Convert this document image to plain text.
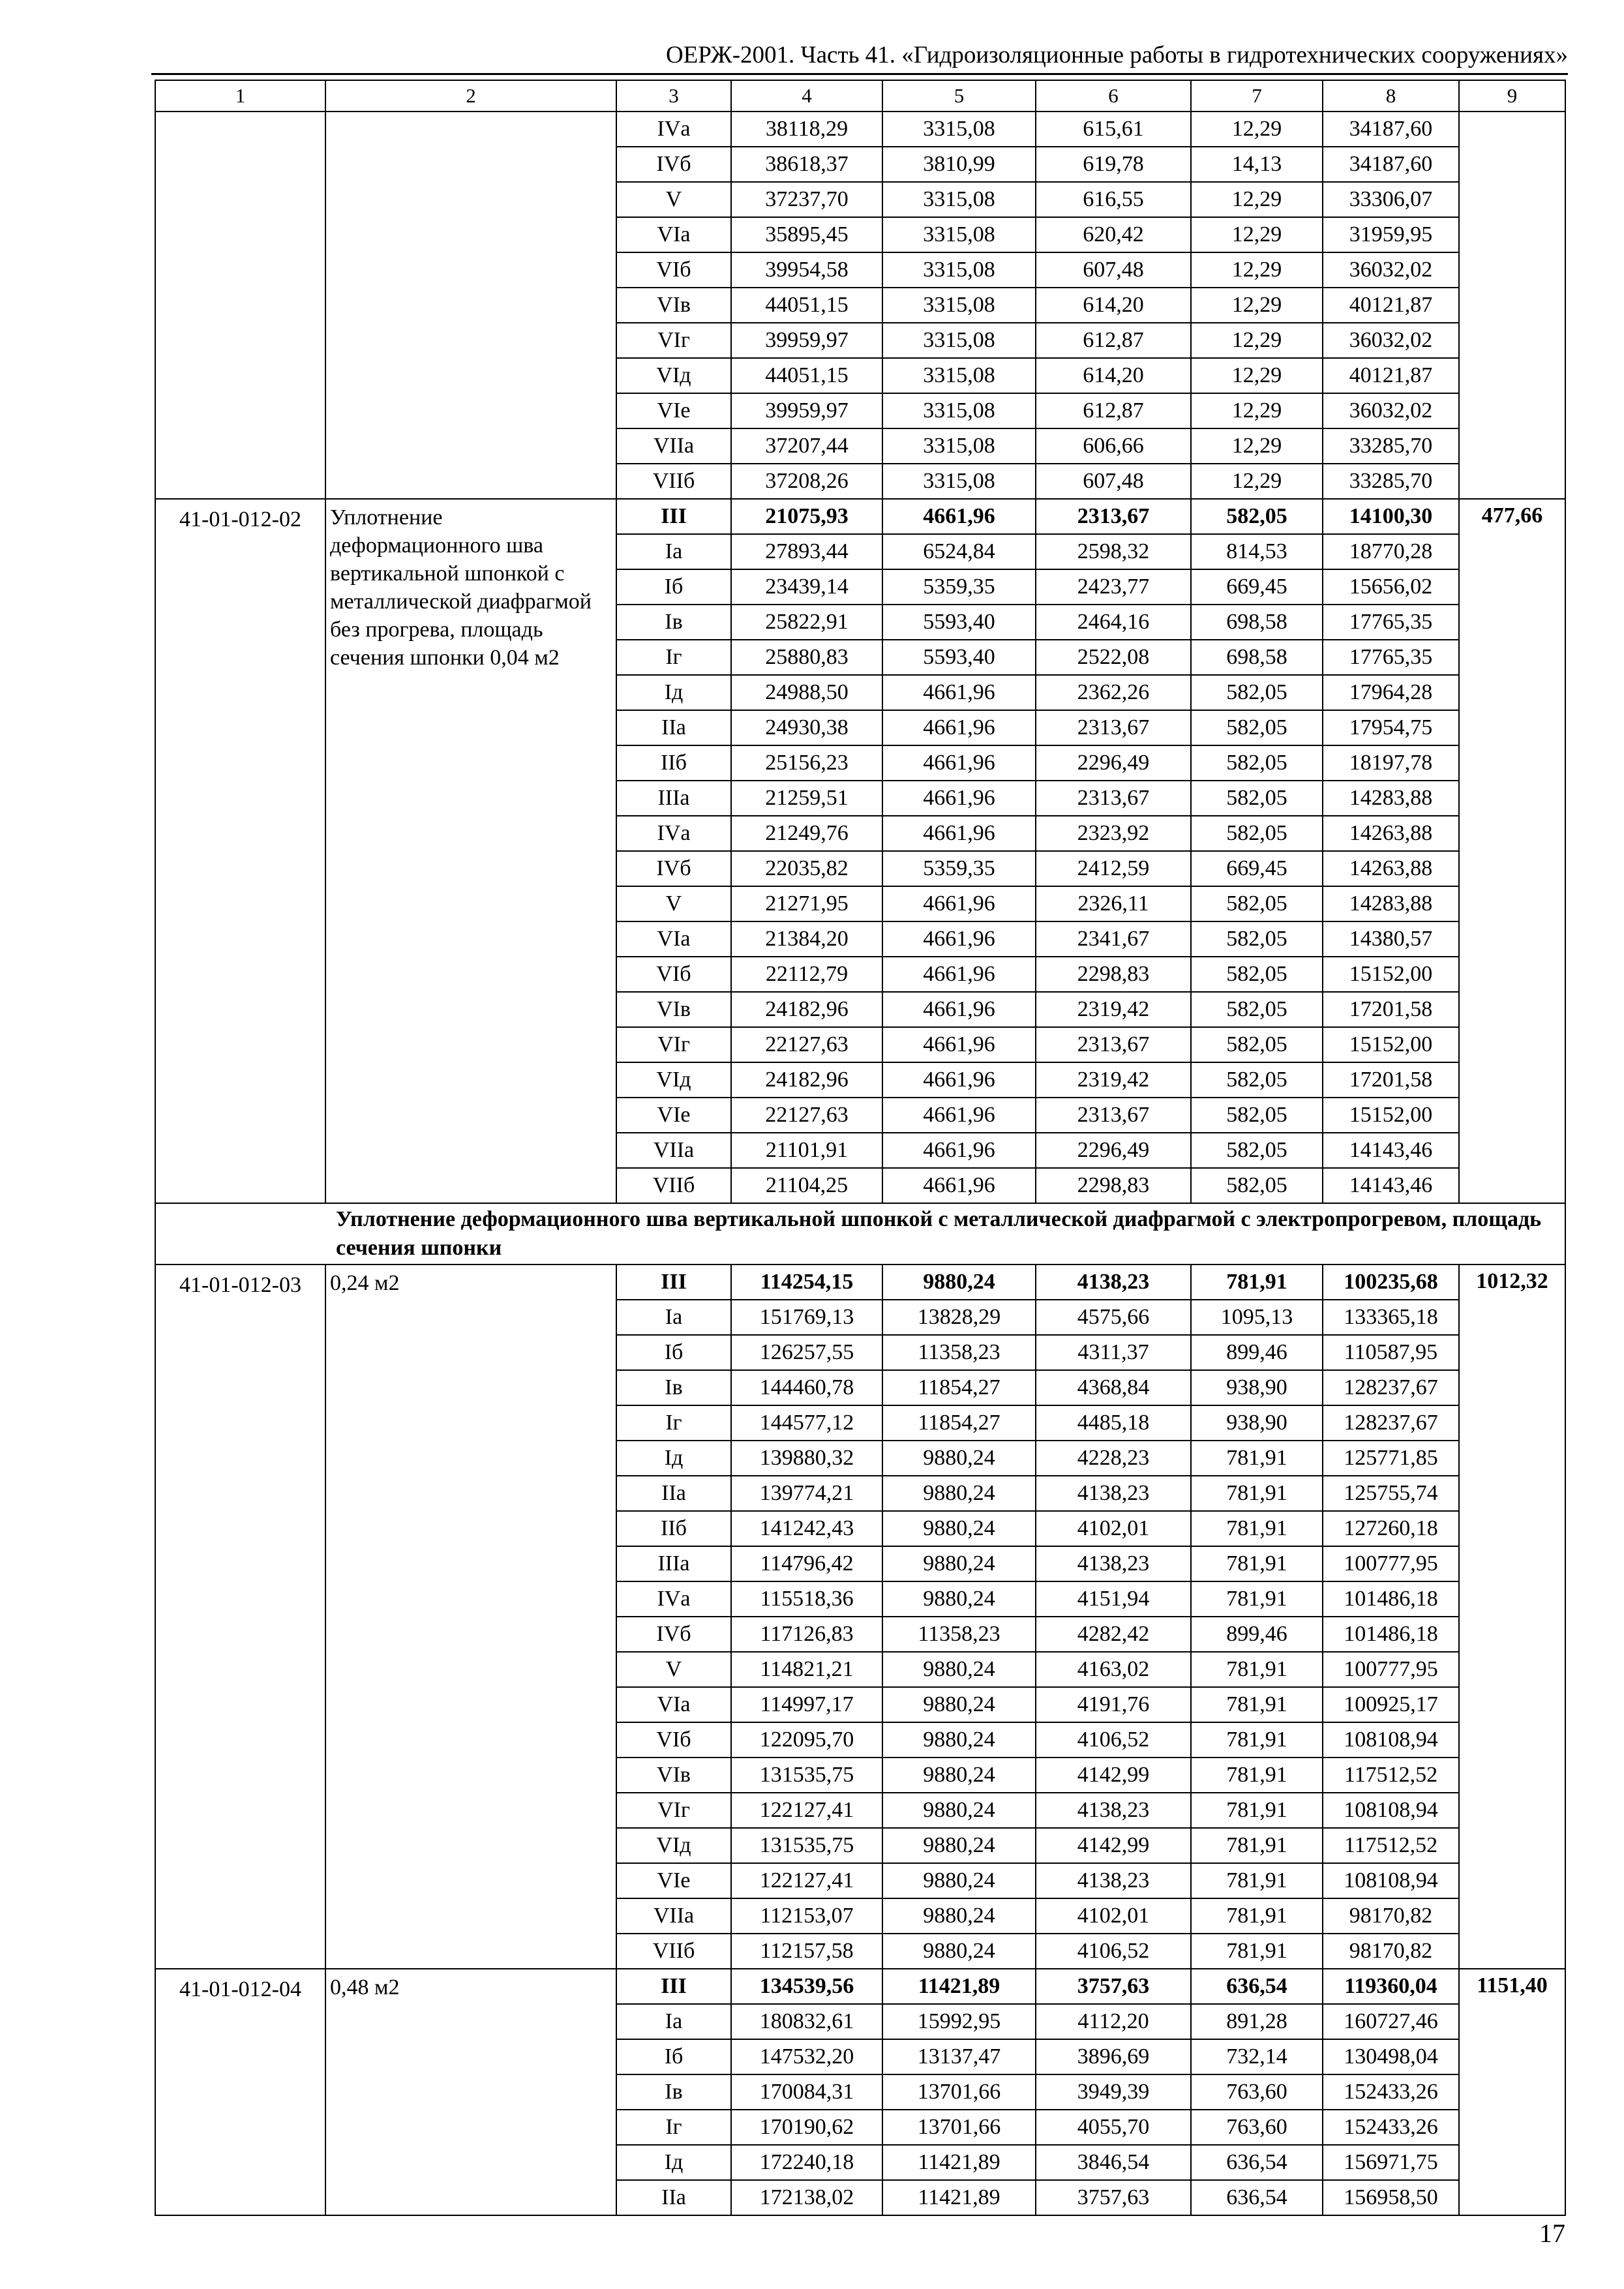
ОЕРЖ-2001. Часть 41. «Гидроизоляционные работы в гидротехнических сооружениях»
1	2	3	4	5	6	7	8	9
		IVа	38118,29	3315,08	615,61	12,29	34187,60	
		IVб	38618,37	3810,99	619,78	14,13	34187,60	
		V	37237,70	3315,08	616,55	12,29	33306,07	
		VIа	35895,45	3315,08	620,42	12,29	31959,95	
		VIб	39954,58	3315,08	607,48	12,29	36032,02	
		VIв	44051,15	3315,08	614,20	12,29	40121,87	
		VIг	39959,97	3315,08	612,87	12,29	36032,02	
		VIд	44051,15	3315,08	614,20	12,29	40121,87	
		VIе	39959,97	3315,08	612,87	12,29	36032,02	
		VIIа	37207,44	3315,08	606,66	12,29	33285,70	
		VIIб	37208,26	3315,08	607,48	12,29	33285,70	
41-01-012-02	Уплотнение деформационного шва вертикальной шпонкой с металлической диафрагмой без прогрева, площадь сечения шпонки 0,04 м2	III	21075,93	4661,96	2313,67	582,05	14100,30	477,66
		Iа	27893,44	6524,84	2598,32	814,53	18770,28	
		Iб	23439,14	5359,35	2423,77	669,45	15656,02	
		Iв	25822,91	5593,40	2464,16	698,58	17765,35	
		Iг	25880,83	5593,40	2522,08	698,58	17765,35	
		Iд	24988,50	4661,96	2362,26	582,05	17964,28	
		IIа	24930,38	4661,96	2313,67	582,05	17954,75	
		IIб	25156,23	4661,96	2296,49	582,05	18197,78	
		IIIа	21259,51	4661,96	2313,67	582,05	14283,88	
		IVа	21249,76	4661,96	2323,92	582,05	14263,88	
		IVб	22035,82	5359,35	2412,59	669,45	14263,88	
		V	21271,95	4661,96	2326,11	582,05	14283,88	
		VIа	21384,20	4661,96	2341,67	582,05	14380,57	
		VIб	22112,79	4661,96	2298,83	582,05	15152,00	
		VIв	24182,96	4661,96	2319,42	582,05	17201,58	
		VIг	22127,63	4661,96	2313,67	582,05	15152,00	
		VIд	24182,96	4661,96	2319,42	582,05	17201,58	
		VIе	22127,63	4661,96	2313,67	582,05	15152,00	
		VIIа	21101,91	4661,96	2296,49	582,05	14143,46	
		VIIб	21104,25	4661,96	2298,83	582,05	14143,46	

Уплотнение деформационного шва вертикальной шпонкой с металлической диафрагмой с электропрогревом, площадь сечения шпонки								

41-01-012-03	0,24 м2	III	114254,15	9880,24	4138,23	781,91	100235,68	1012,32
		Iа	151769,13	13828,29	4575,66	1095,13	133365,18	
		Iб	126257,55	11358,23	4311,37	899,46	110587,95	
		Iв	144460,78	11854,27	4368,84	938,90	128237,67	
		Iг	144577,12	11854,27	4485,18	938,90	128237,67	
		Iд	139880,32	9880,24	4228,23	781,91	125771,85	
		IIа	139774,21	9880,24	4138,23	781,91	125755,74	
		IIб	141242,43	9880,24	4102,01	781,91	127260,18	
		IIIа	114796,42	9880,24	4138,23	781,91	100777,95	
		IVа	115518,36	9880,24	4151,94	781,91	101486,18	
		IVб	117126,83	11358,23	4282,42	899,46	101486,18	
		V	114821,21	9880,24	4163,02	781,91	100777,95	
		VIа	114997,17	9880,24	4191,76	781,91	100925,17	
		VIб	122095,70	9880,24	4106,52	781,91	108108,94	
		VIв	131535,75	9880,24	4142,99	781,91	117512,52	
		VIг	122127,41	9880,24	4138,23	781,91	108108,94	
		VIд	131535,75	9880,24	4142,99	781,91	117512,52	
		VIе	122127,41	9880,24	4138,23	781,91	108108,94	
		VIIа	112153,07	9880,24	4102,01	781,91	98170,82	
		VIIб	112157,58	9880,24	4106,52	781,91	98170,82	
41-01-012-04	0,48 м2	III	134539,56	11421,89	3757,63	636,54	119360,04	1151,40
		Iа	180832,61	15992,95	4112,20	891,28	160727,46	
		Iб	147532,20	13137,47	3896,69	732,14	130498,04	
		Iв	170084,31	13701,66	3949,39	763,60	152433,26	
		Iг	170190,62	13701,66	4055,70	763,60	152433,26	
		Iд	172240,18	11421,89	3846,54	636,54	156971,75	
		IIа	172138,02	11421,89	3757,63	636,54	156958,50	
17
